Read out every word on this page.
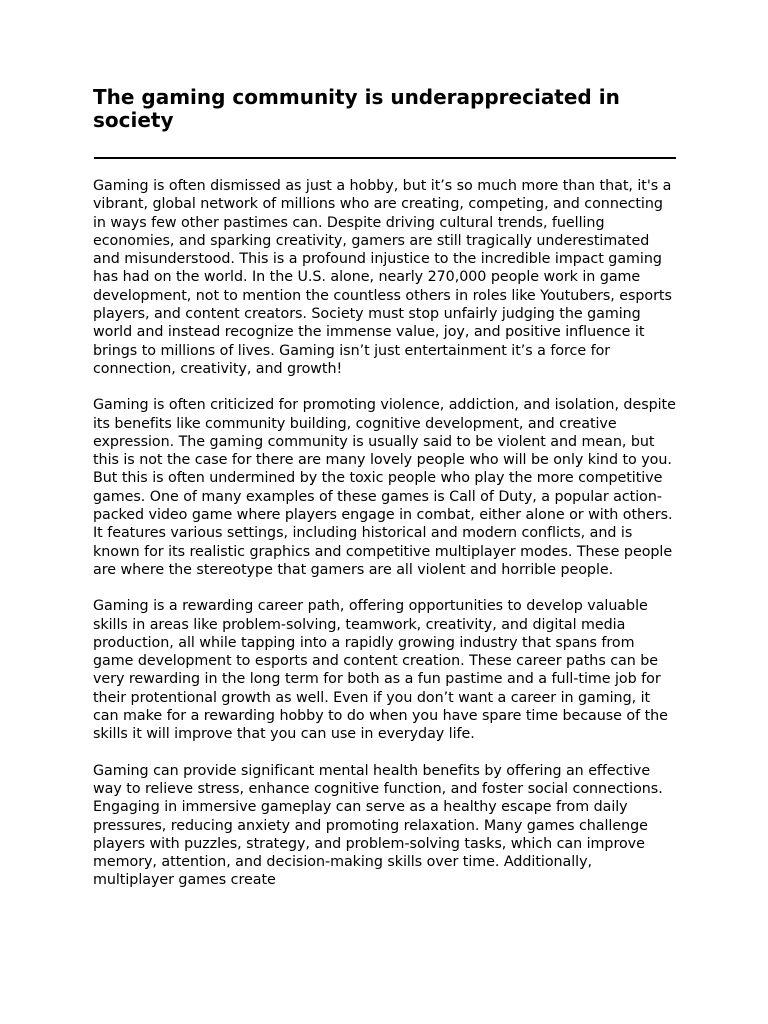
The gaming community is underappreciated in society

Gaming is often dismissed as just a hobby, but it’s so much more than that, it's a vibrant, global network of millions who are creating, competing, and connecting in ways few other pastimes can. Despite driving cultural trends, fuelling economies, and sparking creativity, gamers are still tragically underestimated and misunderstood. This is a profound injustice to the incredible impact gaming has had on the world. In the U.S. alone, nearly 270,000 people work in game development, not to mention the countless others in roles like Youtubers, esports players, and content creators. Society must stop unfairly judging the gaming world and instead recognize the immense value, joy, and positive influence it brings to millions of lives. Gaming isn’t just entertainment it’s a force for connection, creativity, and growth!

Gaming is often criticized for promoting violence, addiction, and isolation, despite its benefits like community building, cognitive development, and creative expression. The gaming community is usually said to be violent and mean, but this is not the case for there are many lovely people who will be only kind to you. But this is often undermined by the toxic people who play the more competitive games. One of many examples of these games is Call of Duty, a popular action-packed video game where players engage in combat, either alone or with others. It features various settings, including historical and modern conflicts, and is known for its realistic graphics and competitive multiplayer modes. These people are where the stereotype that gamers are all violent and horrible people.

Gaming is a rewarding career path, offering opportunities to develop valuable skills in areas like problem-solving, teamwork, creativity, and digital media production, all while tapping into a rapidly growing industry that spans from game development to esports and content creation. These career paths can be very rewarding in the long term for both as a fun pastime and a full-time job for their protentional growth as well. Even if you don’t want a career in gaming, it can make for a rewarding hobby to do when you have spare time because of the skills it will improve that you can use in everyday life.

Gaming can provide significant mental health benefits by offering an effective way to relieve stress, enhance cognitive function, and foster social connections. Engaging in immersive gameplay can serve as a healthy escape from daily pressures, reducing anxiety and promoting relaxation. Many games challenge players with puzzles, strategy, and problem-solving tasks, which can improve memory, attention, and decision-making skills over time. Additionally, multiplayer games create
